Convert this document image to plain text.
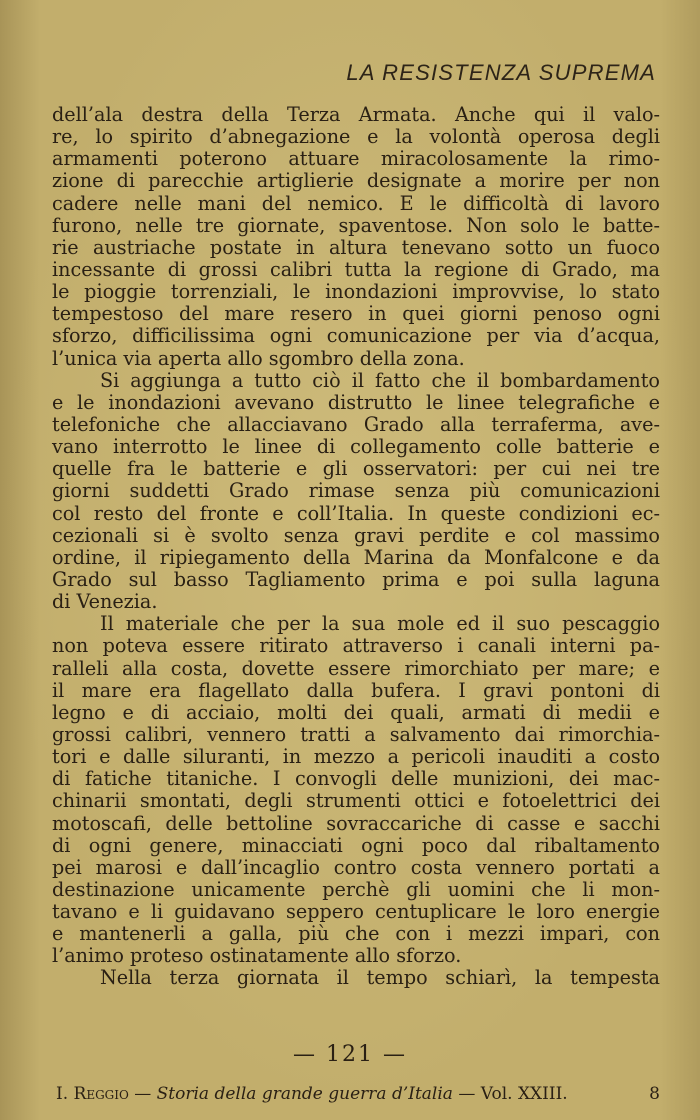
LA RESISTENZA SUPREMA
dell’ala destra della Terza Armata. Anche qui il valo-
re, lo spirito d’abnegazione e la volontà operosa degli
armamenti poterono attuare miracolosamente la rimo-
zione di parecchie artiglierie designate a morire per non
cadere nelle mani del nemico. E le difficoltà di lavoro
furono, nelle tre giornate, spaventose. Non solo le batte-
rie austriache postate in altura tenevano sotto un fuoco
incessante di grossi calibri tutta la regione di Grado, ma
le pioggie torrenziali, le inondazioni improvvise, lo stato
tempestoso del mare resero in quei giorni penoso ogni
sforzo, difficilissima ogni comunicazione per via d’acqua,
l’unica via aperta allo sgombro della zona.
Si aggiunga a tutto ciò il fatto che il bombardamento
e le inondazioni avevano distrutto le linee telegrafiche e
telefoniche che allacciavano Grado alla terraferma, ave-
vano interrotto le linee di collegamento colle batterie e
quelle fra le batterie e gli osservatori: per cui nei tre
giorni suddetti Grado rimase senza più comunicazioni
col resto del fronte e coll’Italia. In queste condizioni ec-
cezionali si è svolto senza gravi perdite e col massimo
ordine, il ripiegamento della Marina da Monfalcone e da
Grado sul basso Tagliamento prima e poi sulla laguna
di Venezia.
Il materiale che per la sua mole ed il suo pescaggio
non poteva essere ritirato attraverso i canali interni pa-
ralleli alla costa, dovette essere rimorchiato per mare; e
il mare era flagellato dalla bufera. I gravi pontoni di
legno e di acciaio, molti dei quali, armati di medii e
grossi calibri, vennero tratti a salvamento dai rimorchia-
tori e dalle siluranti, in mezzo a pericoli inauditi a costo
di fatiche titaniche. I convogli delle munizioni, dei mac-
chinarii smontati, degli strumenti ottici e fotoelettrici dei
motoscafi, delle bettoline sovraccariche di casse e sacchi
di ogni genere, minacciati ogni poco dal ribaltamento
pei marosi e dall’incaglio contro costa vennero portati a
destinazione unicamente perchè gli uomini che li mon-
tavano e li guidavano seppero centuplicare le loro energie
e mantenerli a galla, più che con i mezzi impari, con
l’animo proteso ostinatamente allo sforzo.
Nella terza giornata il tempo schiarì, la tempesta
— 121 —
I. Reggio — Storia della grande guerra d’Italia — Vol. XXIII.	8
